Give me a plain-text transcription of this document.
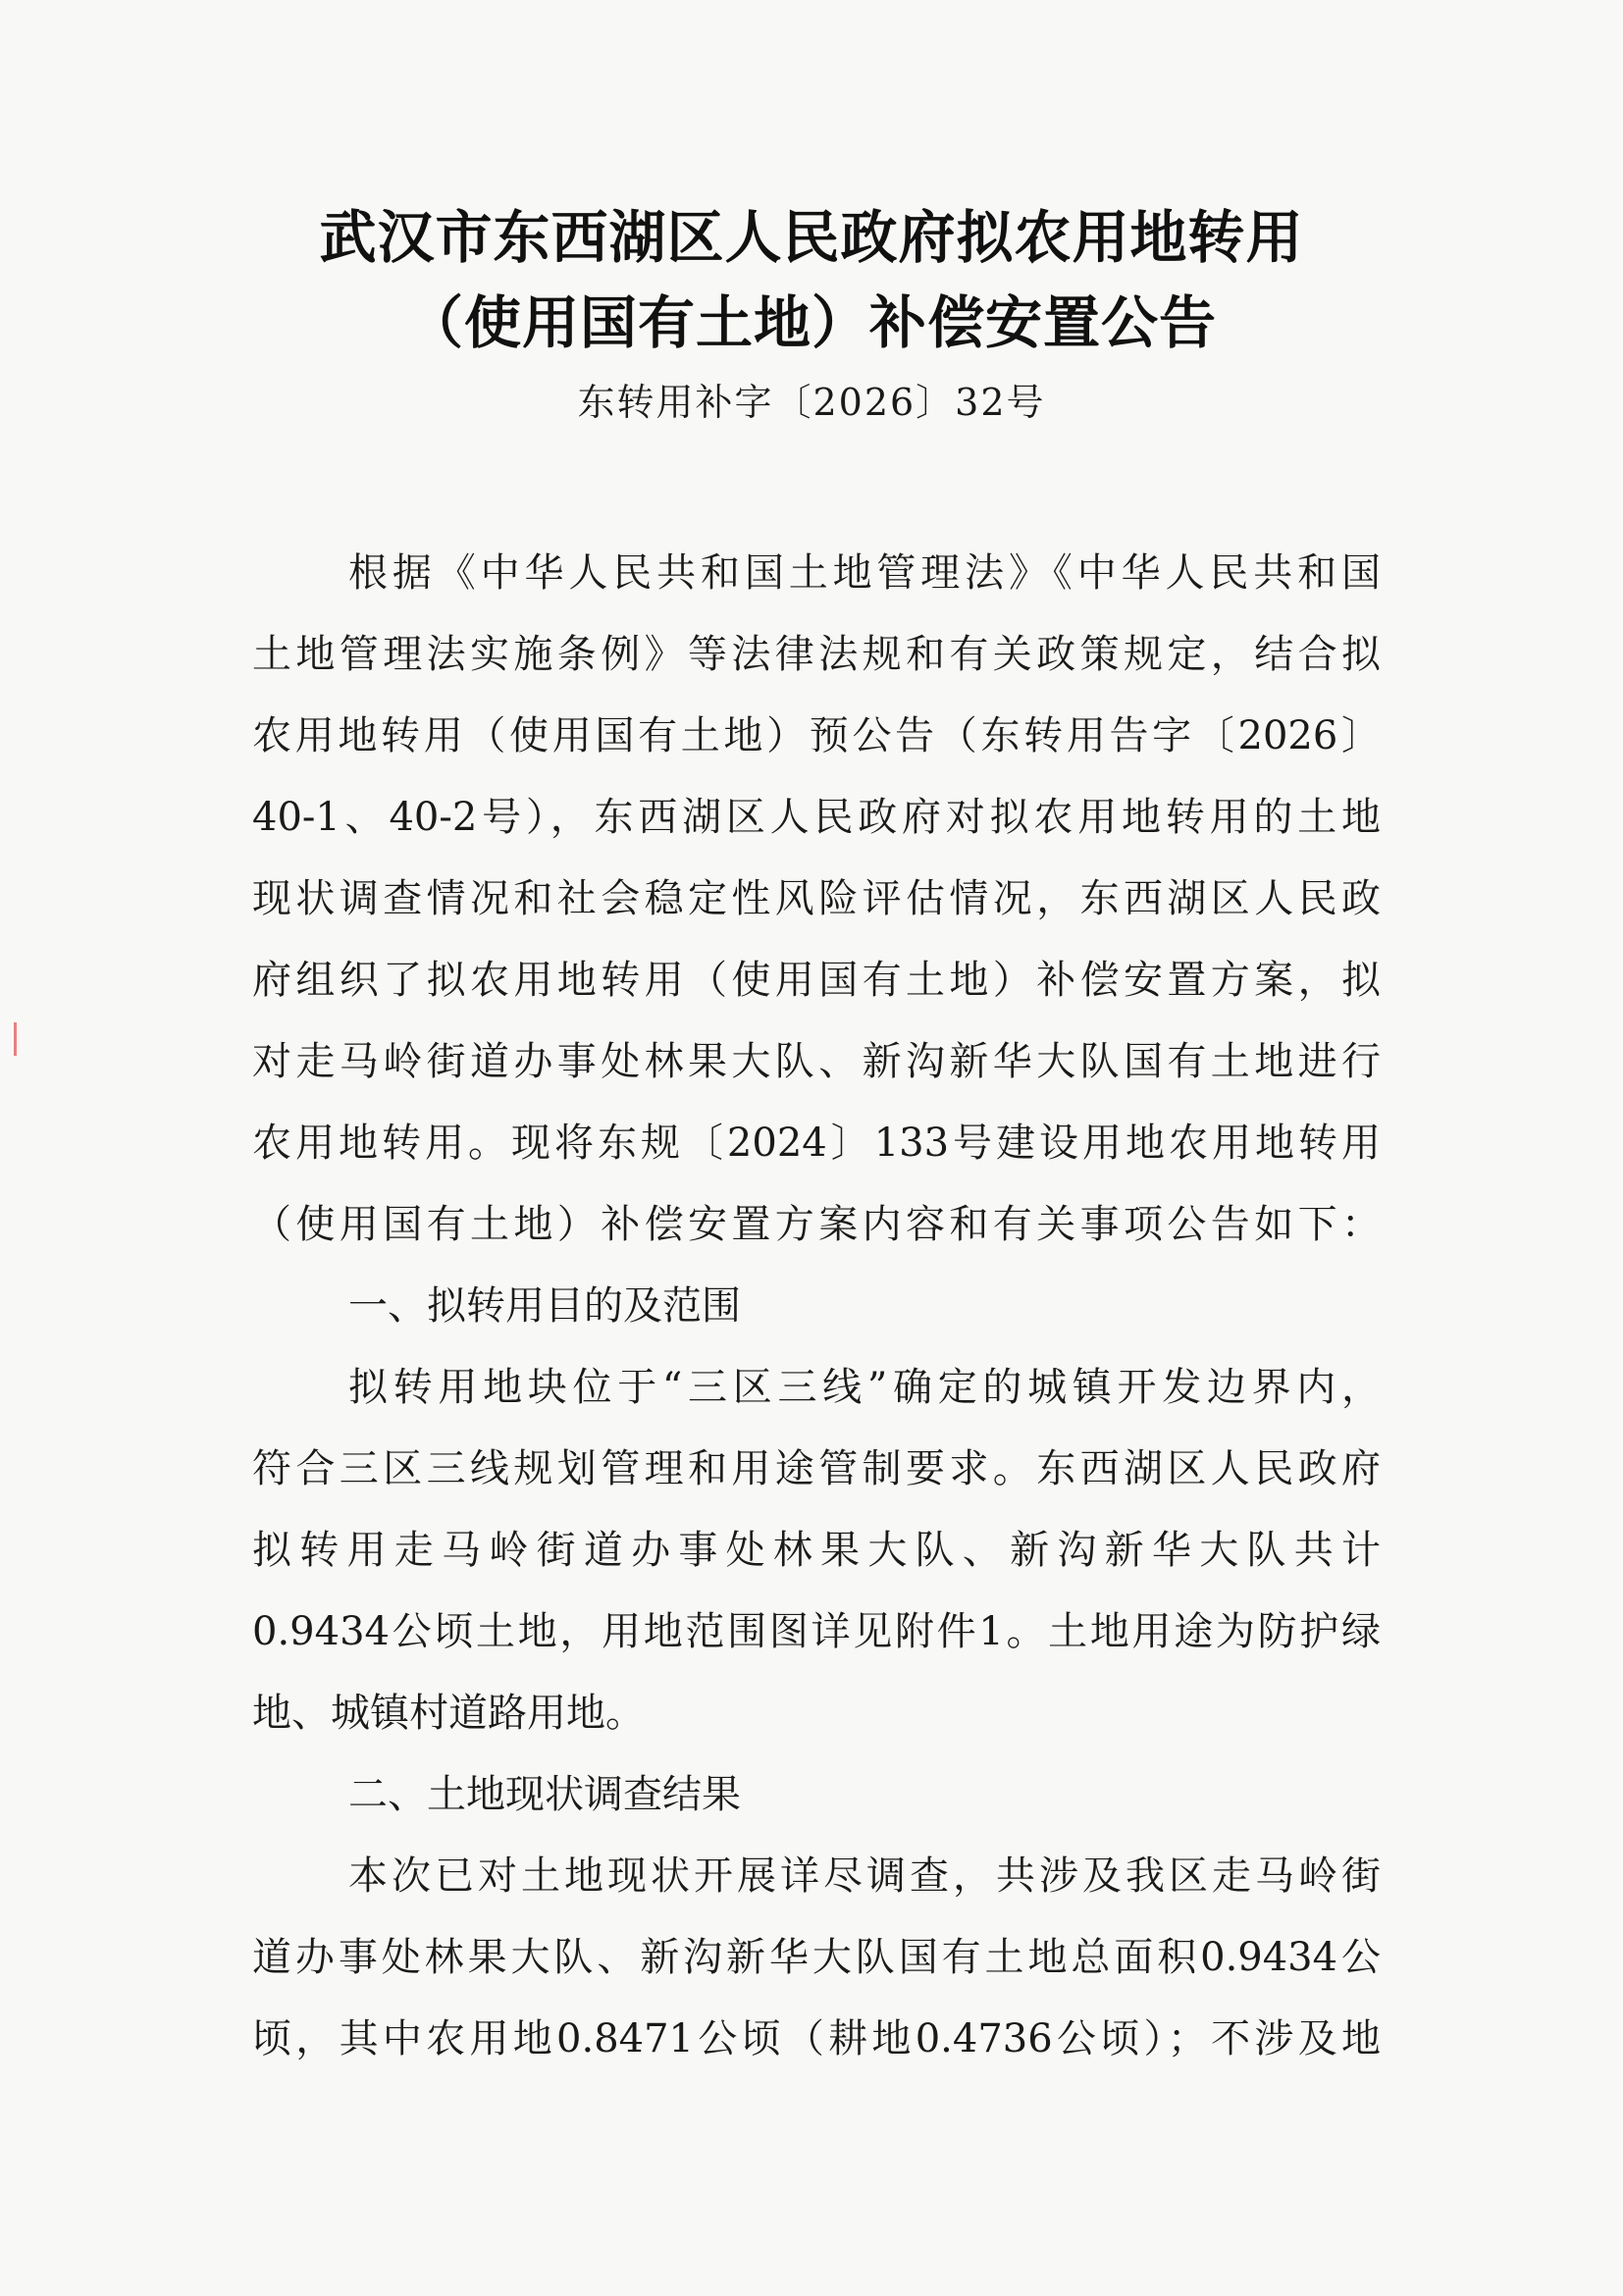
武汉市东西湖区人民政府拟农用地转用
（使用国有土地）补偿安置公告
东转用补字〔2026〕32号
根据《中华人民共和国土地管理法》《中华人民共和国
土地管理法实施条例》等法律法规和有关政策规定，结合拟
农用地转用（使用国有土地）预公告（东转用告字〔2026〕
40-1、40-2号），东西湖区人民政府对拟农用地转用的土地
现状调查情况和社会稳定性风险评估情况，东西湖区人民政
府组织了拟农用地转用（使用国有土地）补偿安置方案，拟
对走马岭街道办事处林果大队、新沟新华大队国有土地进行
农用地转用。现将东规〔2024〕133号建设用地农用地转用
（使用国有土地）补偿安置方案内容和有关事项公告如下：
一、拟转用目的及范围
拟转用地块位于“三区三线”确定的城镇开发边界内，
符合三区三线规划管理和用途管制要求。东西湖区人民政府
拟转用走马岭街道办事处林果大队、新沟新华大队共计
0.9434公顷土地，用地范围图详见附件1。土地用途为防护绿
地、城镇村道路用地。
二、土地现状调查结果
本次已对土地现状开展详尽调查，共涉及我区走马岭街
道办事处林果大队、新沟新华大队国有土地总面积0.9434公
顷，其中农用地0.8471公顷（耕地0.4736公顷）；不涉及地
